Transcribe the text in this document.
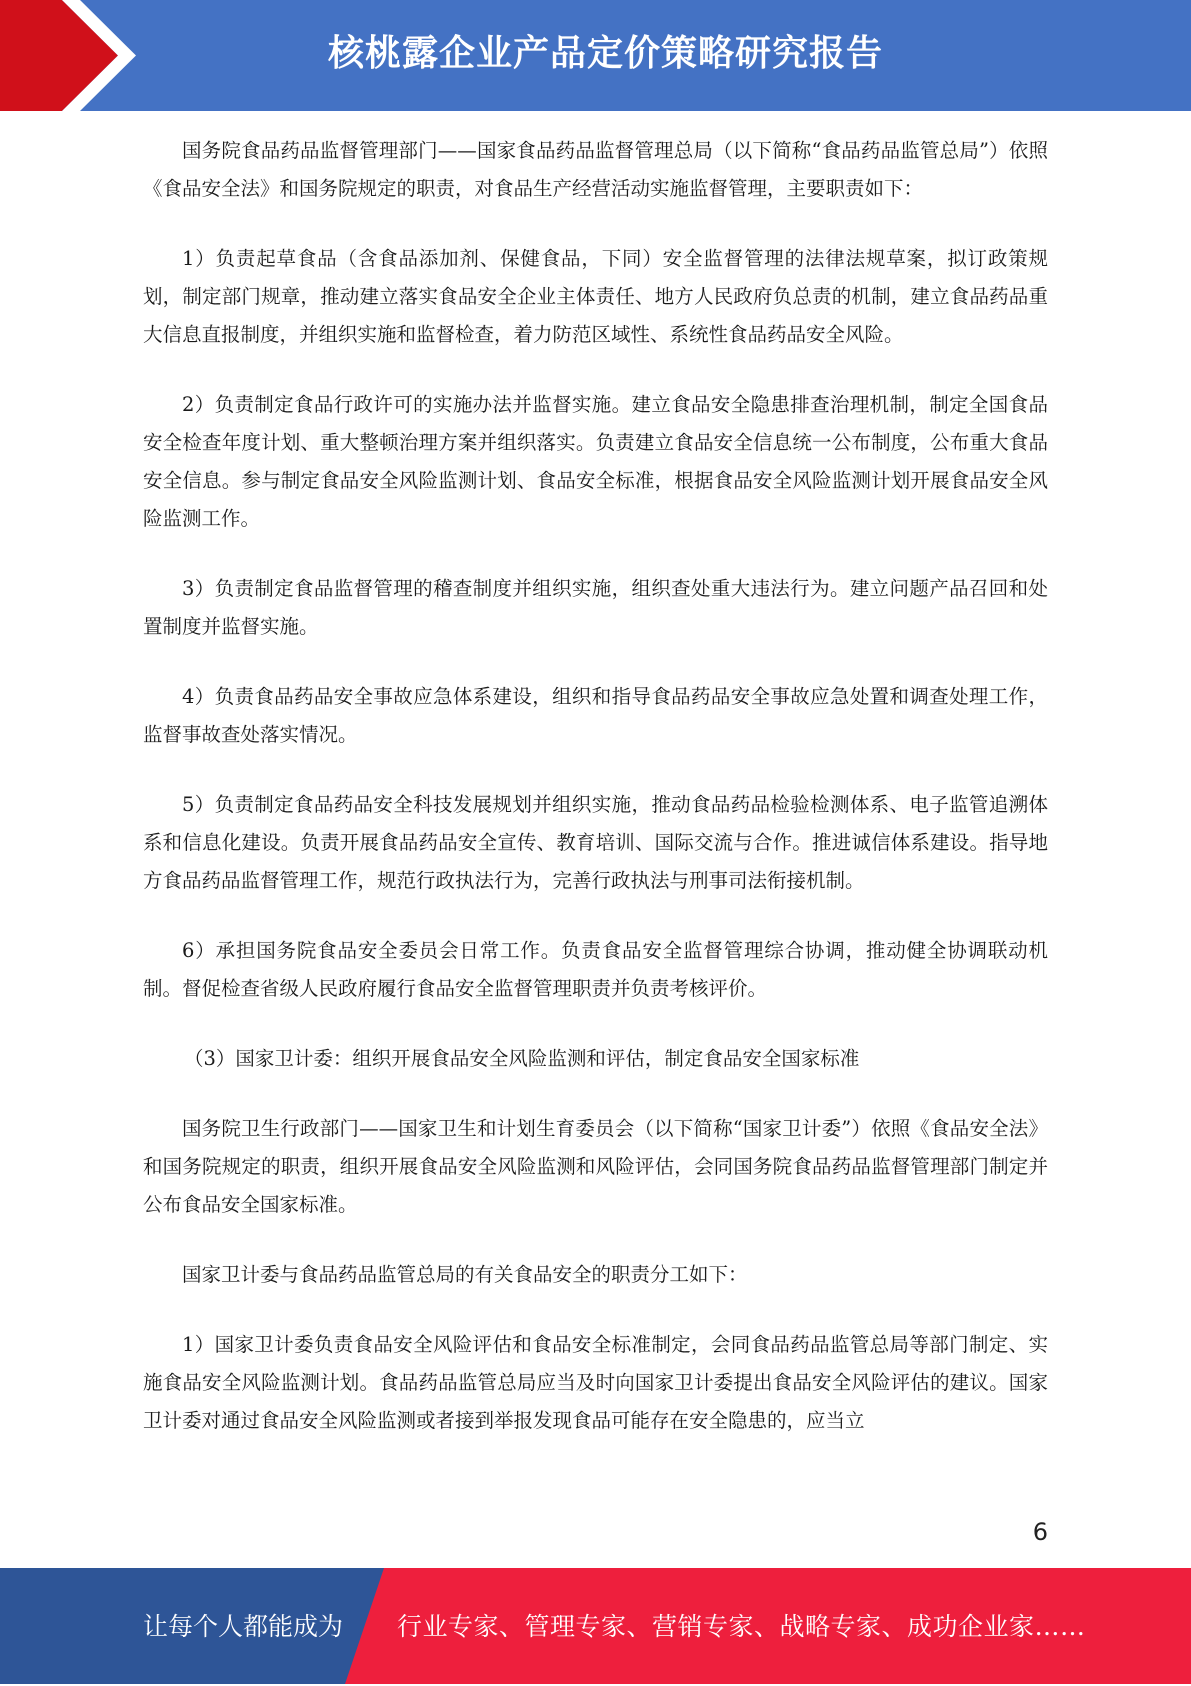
核桃露企业产品定价策略研究报告

国务院食品药品监督管理部门——国家食品药品监督管理总局（以下简称“食品药品监管总局”）依照《食品安全法》和国务院规定的职责，对食品生产经营活动实施监督管理，主要职责如下：

1）负责起草食品（含食品添加剂、保健食品，下同）安全监督管理的法律法规草案，拟订政策规划，制定部门规章，推动建立落实食品安全企业主体责任、地方人民政府负总责的机制，建立食品药品重大信息直报制度，并组织实施和监督检查，着力防范区域性、系统性食品药品安全风险。

2）负责制定食品行政许可的实施办法并监督实施。建立食品安全隐患排查治理机制，制定全国食品安全检查年度计划、重大整顿治理方案并组织落实。负责建立食品安全信息统一公布制度，公布重大食品安全信息。参与制定食品安全风险监测计划、食品安全标准，根据食品安全风险监测计划开展食品安全风险监测工作。

3）负责制定食品监督管理的稽查制度并组织实施，组织查处重大违法行为。建立问题产品召回和处置制度并监督实施。

4）负责食品药品安全事故应急体系建设，组织和指导食品药品安全事故应急处置和调查处理工作，监督事故查处落实情况。

5）负责制定食品药品安全科技发展规划并组织实施，推动食品药品检验检测体系、电子监管追溯体系和信息化建设。负责开展食品药品安全宣传、教育培训、国际交流与合作。推进诚信体系建设。指导地方食品药品监督管理工作，规范行政执法行为，完善行政执法与刑事司法衔接机制。

6）承担国务院食品安全委员会日常工作。负责食品安全监督管理综合协调，推动健全协调联动机制。督促检查省级人民政府履行食品安全监督管理职责并负责考核评价。

（3）国家卫计委：组织开展食品安全风险监测和评估，制定食品安全国家标准

国务院卫生行政部门——国家卫生和计划生育委员会（以下简称“国家卫计委”）依照《食品安全法》和国务院规定的职责，组织开展食品安全风险监测和风险评估，会同国务院食品药品监督管理部门制定并公布食品安全国家标准。

国家卫计委与食品药品监管总局的有关食品安全的职责分工如下：

1）国家卫计委负责食品安全风险评估和食品安全标准制定，会同食品药品监管总局等部门制定、实施食品安全风险监测计划。食品药品监管总局应当及时向国家卫计委提出食品安全风险评估的建议。国家卫计委对通过食品安全风险监测或者接到举报发现食品可能存在安全隐患的，应当立

6
让每个人都能成为 行业专家、管理专家、营销专家、战略专家、成功企业家……
